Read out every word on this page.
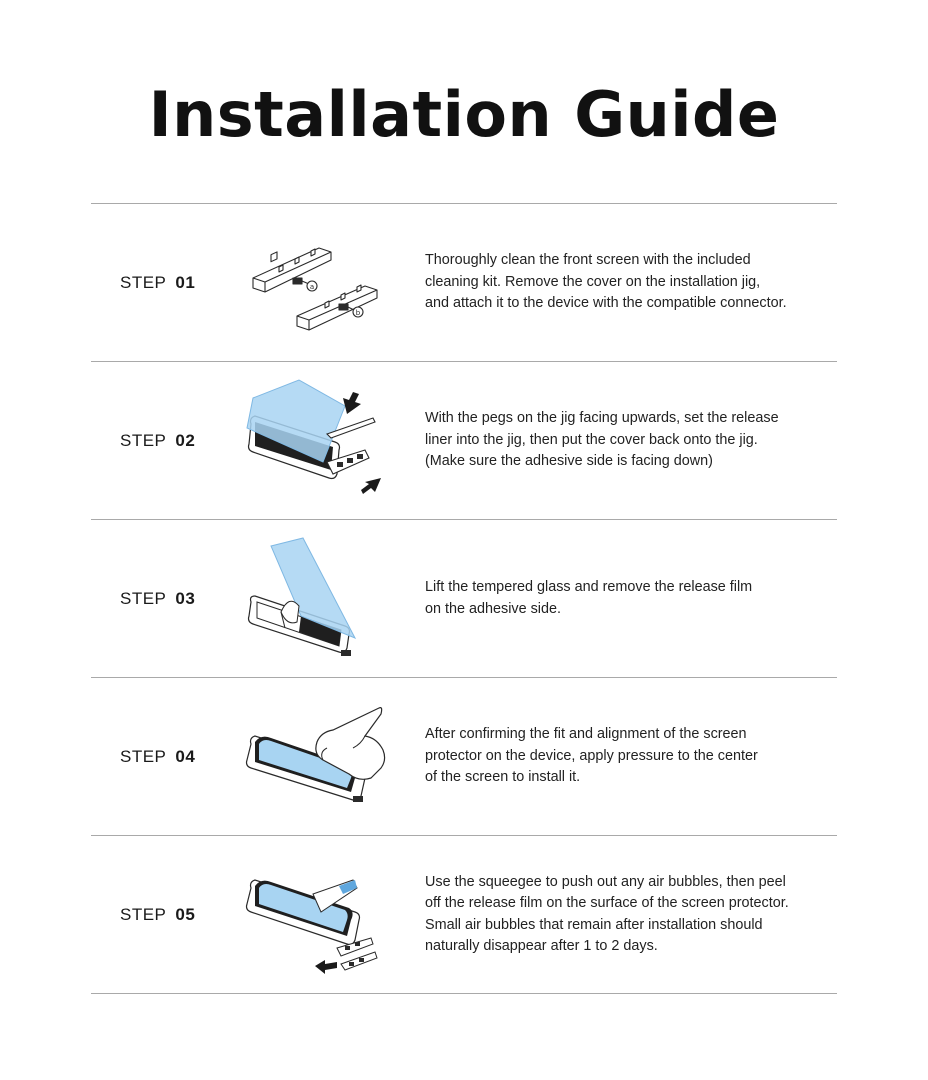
Installation Guide
STEP 01	a
b

Thoroughly clean the front screen with the included
cleaning kit. Remove the cover on the installation jig,
and attach it to the device with the compatible connector.

STEP 02

With the pegs on the jig facing upwards, set the release
liner into the jig, then put the cover back onto the jig.
(Make sure the adhesive side is facing down)

STEP 03

Lift the tempered glass and remove the release film
on the adhesive side.

STEP 04

After confirming the fit and alignment of the screen
protector on the device, apply pressure to the center
of the screen to install it.

STEP 05

Use the squeegee to push out any air bubbles, then peel
off the release film on the surface of the screen protector.
Small air bubbles that remain after installation should
naturally disappear after 1 to 2 days.
